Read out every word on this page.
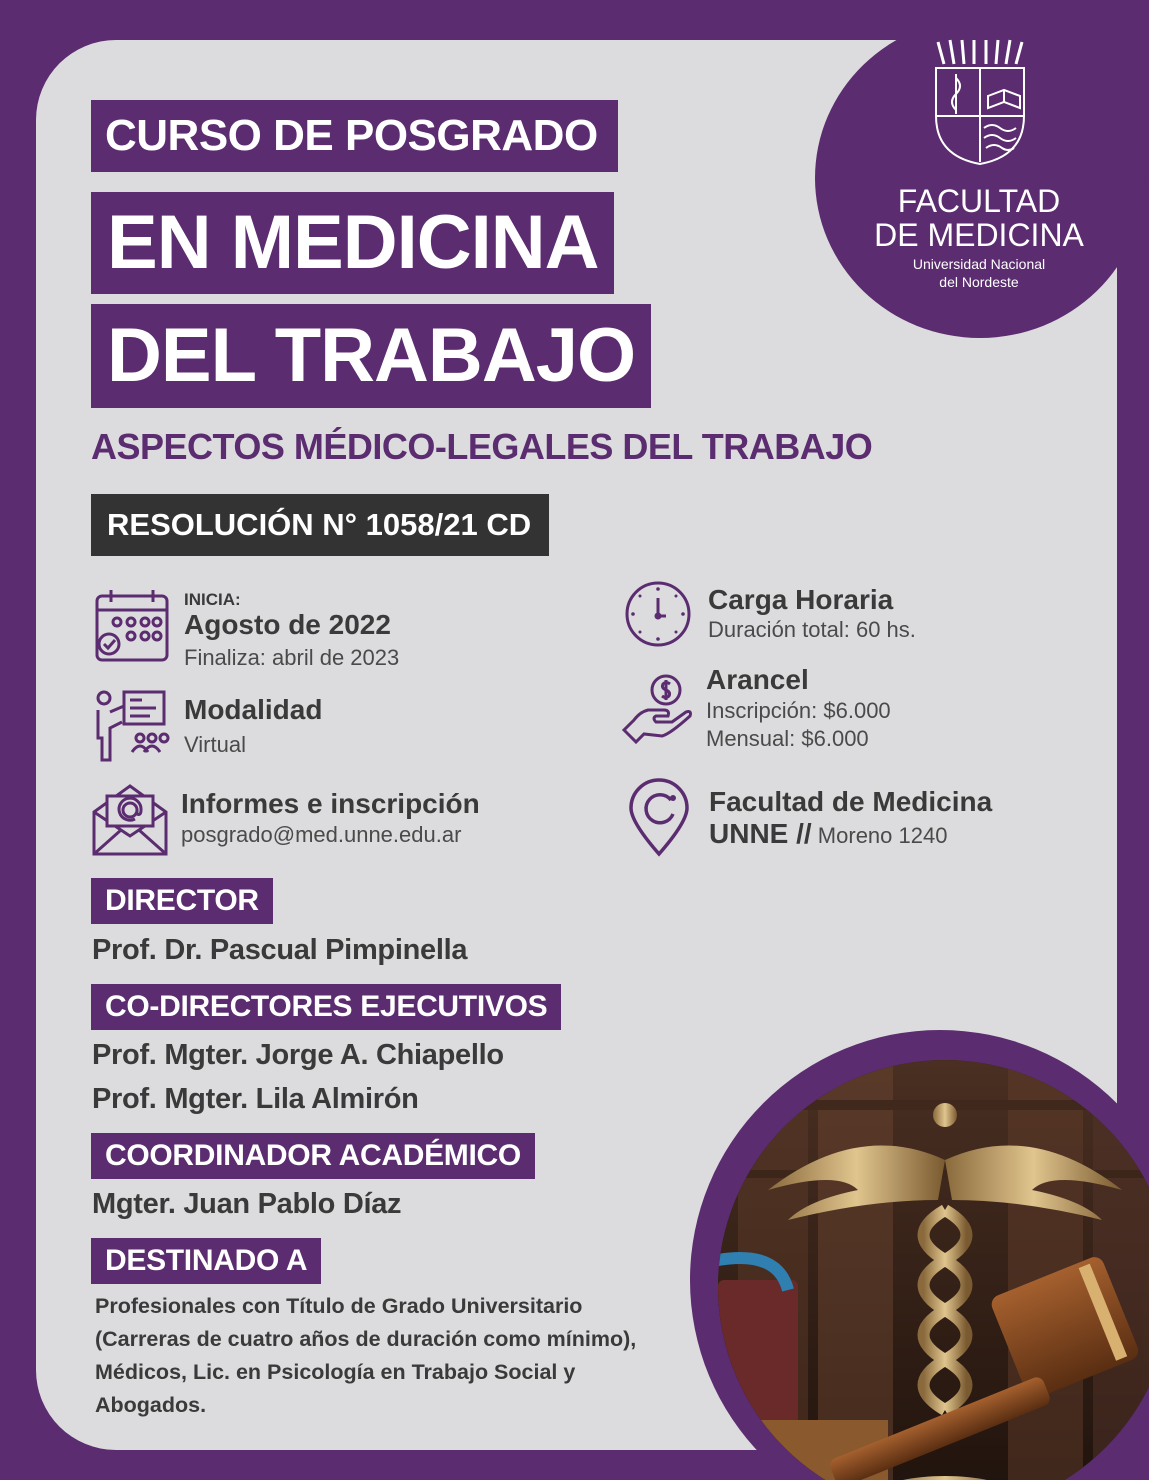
CURSO DE POSGRADO
EN MEDICINA
DEL TRABAJO
ASPECTOS MÉDICO-LEGALES DEL TRABAJO
RESOLUCIÓN N° 1058/21 CD
FACULTAD
DE MEDICINA
Universidad Nacional
del Nordeste
INICIA:
Agosto de 2022
Finaliza: abril de 2023
Modalidad
Virtual
Informes e inscripción
posgrado@med.unne.edu.ar
Carga Horaria
Duración total: 60 hs.
Arancel
Inscripción: $6.000
Mensual: $6.000
Facultad de Medicina
UNNE // Moreno 1240
DIRECTOR
Prof. Dr. Pascual Pimpinella
CO-DIRECTORES EJECUTIVOS
Prof. Mgter. Jorge A. Chiapello
Prof. Mgter. Lila Almirón
COORDINADOR ACADÉMICO
Mgter. Juan Pablo Díaz
DESTINADO A
Profesionales con Título de Grado Universitario
(Carreras de cuatro años de duración como mínimo),
Médicos, Lic. en Psicología en Trabajo Social y
Abogados.
